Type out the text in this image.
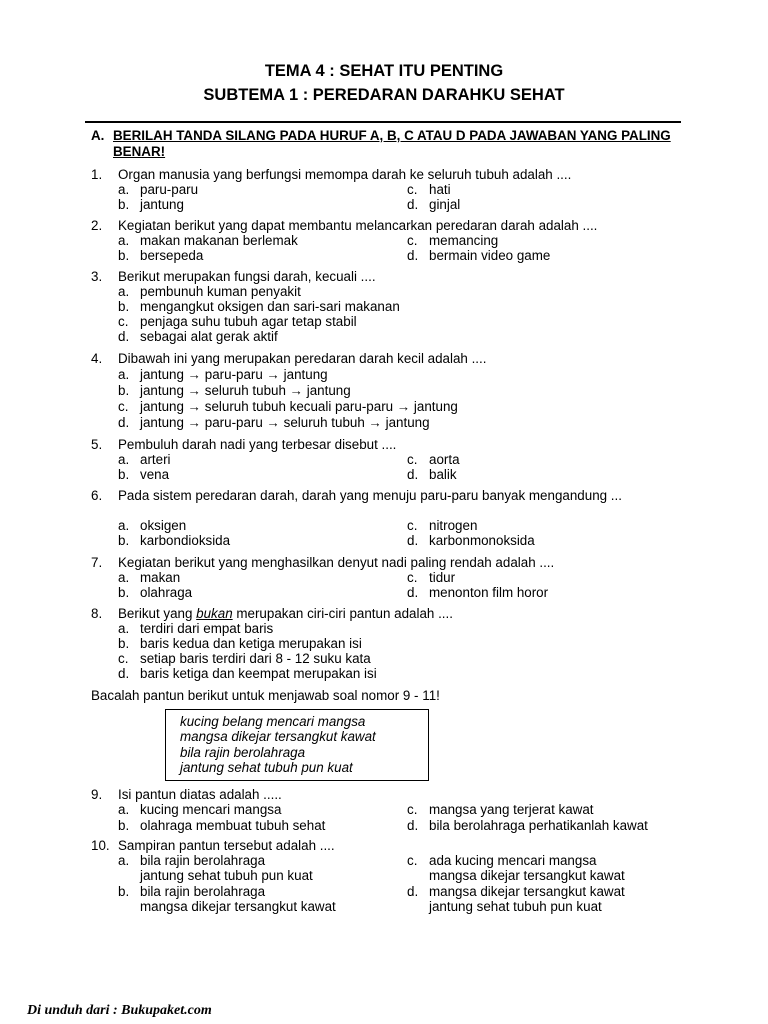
TEMA 4 : SEHAT ITU PENTING
SUBTEMA 1 : PEREDARAN DARAHKU SEHAT
A. BERILAH TANDA SILANG PADA HURUF A, B, C ATAU D PADA JAWABAN YANG PALING BENAR!
1. Organ manusia yang berfungsi memompa darah ke seluruh tubuh adalah ....
a. paru-paru
b. jantung
c. hati
d. ginjal
2. Kegiatan berikut yang dapat membantu melancarkan peredaran darah adalah ....
a. makan makanan berlemak
b. bersepeda
c. memancing
d. bermain video game
3. Berikut merupakan fungsi darah, kecuali ....
a. pembunuh kuman penyakit
b. mengangkut oksigen dan sari-sari makanan
c. penjaga suhu tubuh agar tetap stabil
d. sebagai alat gerak aktif
4. Dibawah ini yang merupakan peredaran darah kecil adalah ....
a. jantung → paru-paru → jantung
b. jantung → seluruh tubuh → jantung
c. jantung → seluruh tubuh kecuali paru-paru → jantung
d. jantung → paru-paru → seluruh tubuh → jantung
5. Pembuluh darah nadi yang terbesar disebut ....
a. arteri
b. vena
c. aorta
d. balik
6. Pada sistem peredaran darah, darah yang menuju paru-paru banyak mengandung ...
a. oksigen
b. karbondioksida
c. nitrogen
d. karbonmonoksida
7. Kegiatan berikut yang menghasilkan denyut nadi paling rendah adalah ....
a. makan
b. olahraga
c. tidur
d. menonton film horor
8. Berikut yang bukan merupakan ciri-ciri pantun adalah ....
a. terdiri dari empat baris
b. baris kedua dan ketiga merupakan isi
c. setiap baris terdiri dari 8 - 12 suku kata
d. baris ketiga dan keempat merupakan isi
Bacalah pantun berikut untuk menjawab soal nomor 9 - 11!
kucing belang mencari mangsa
mangsa dikejar tersangkut kawat
bila rajin berolahraga
jantung sehat tubuh pun kuat
9. Isi pantun diatas adalah .....
a. kucing mencari mangsa
b. olahraga membuat tubuh sehat
c. mangsa yang terjerat kawat
d. bila berolahraga perhatikanlah kawat
10. Sampiran pantun tersebut adalah ....
a. bila rajin berolahraga
jantung sehat tubuh pun kuat
b. bila rajin berolahraga
mangsa dikejar tersangkut kawat
c. ada kucing mencari mangsa
mangsa dikejar tersangkut kawat
d. mangsa dikejar tersangkut kawat
jantung sehat tubuh pun kuat
Di unduh dari : Bukupaket.com
